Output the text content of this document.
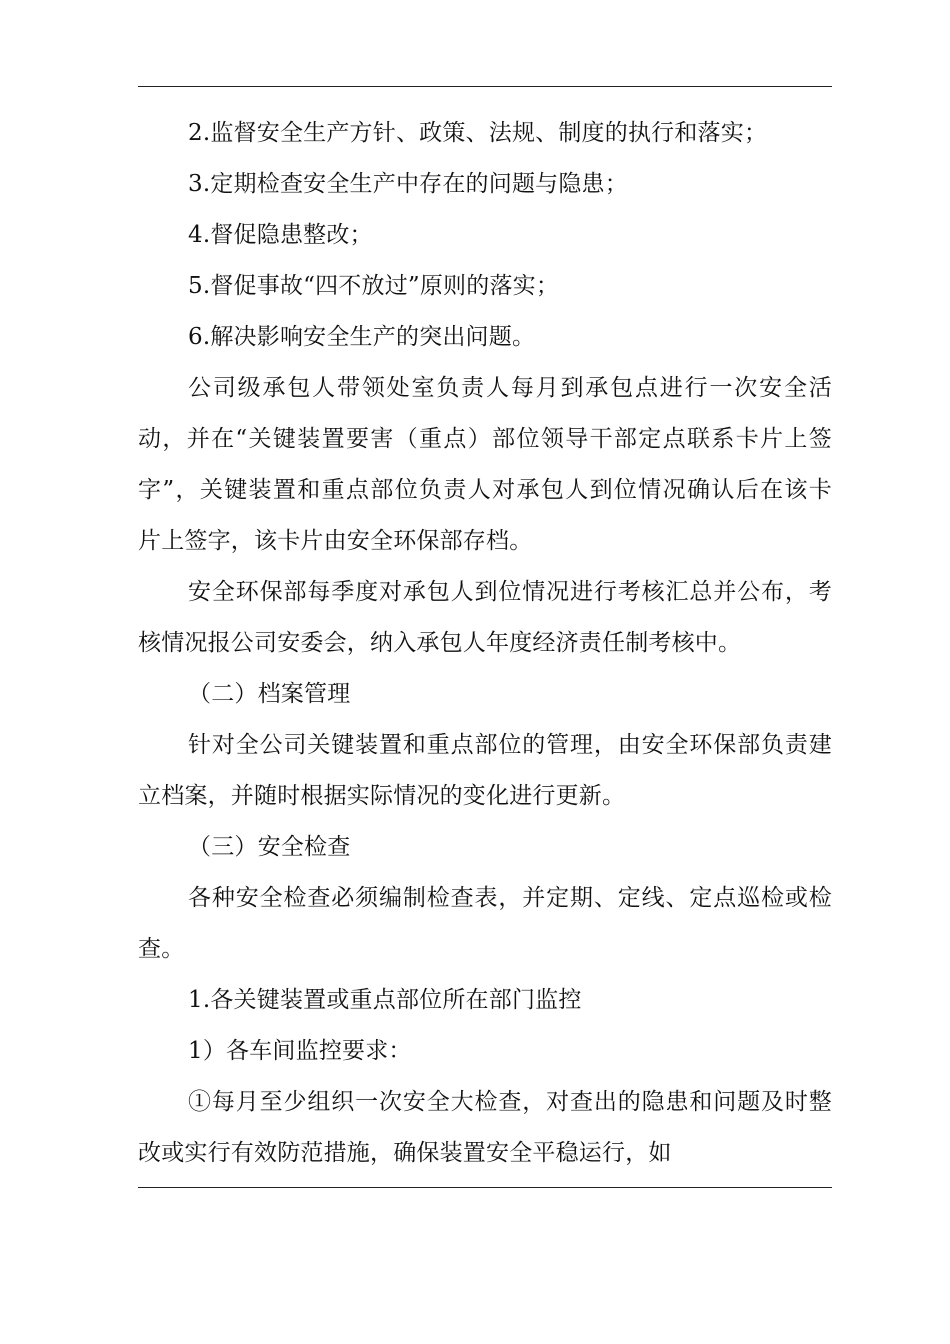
2.监督安全生产方针、政策、法规、制度的执行和落实；
3.定期检查安全生产中存在的问题与隐患；
4.督促隐患整改；
5.督促事故“四不放过”原则的落实；
6.解决影响安全生产的突出问题。
公司级承包人带领处室负责人每月到承包点进行一次安全活
动，并在“关键装置要害（重点）部位领导干部定点联系卡片上签
字”，关键装置和重点部位负责人对承包人到位情况确认后在该卡
片上签字，该卡片由安全环保部存档。
安全环保部每季度对承包人到位情况进行考核汇总并公布，考
核情况报公司安委会，纳入承包人年度经济责任制考核中。
（二）档案管理
针对全公司关键装置和重点部位的管理，由安全环保部负责建
立档案，并随时根据实际情况的变化进行更新。
（三）安全检查
各种安全检查必须编制检查表，并定期、定线、定点巡检或检
查。
1.各关键装置或重点部位所在部门监控
1）各车间监控要求：
①每月至少组织一次安全大检查，对查出的隐患和问题及时整
改或实行有效防范措施，确保装置安全平稳运行，如
